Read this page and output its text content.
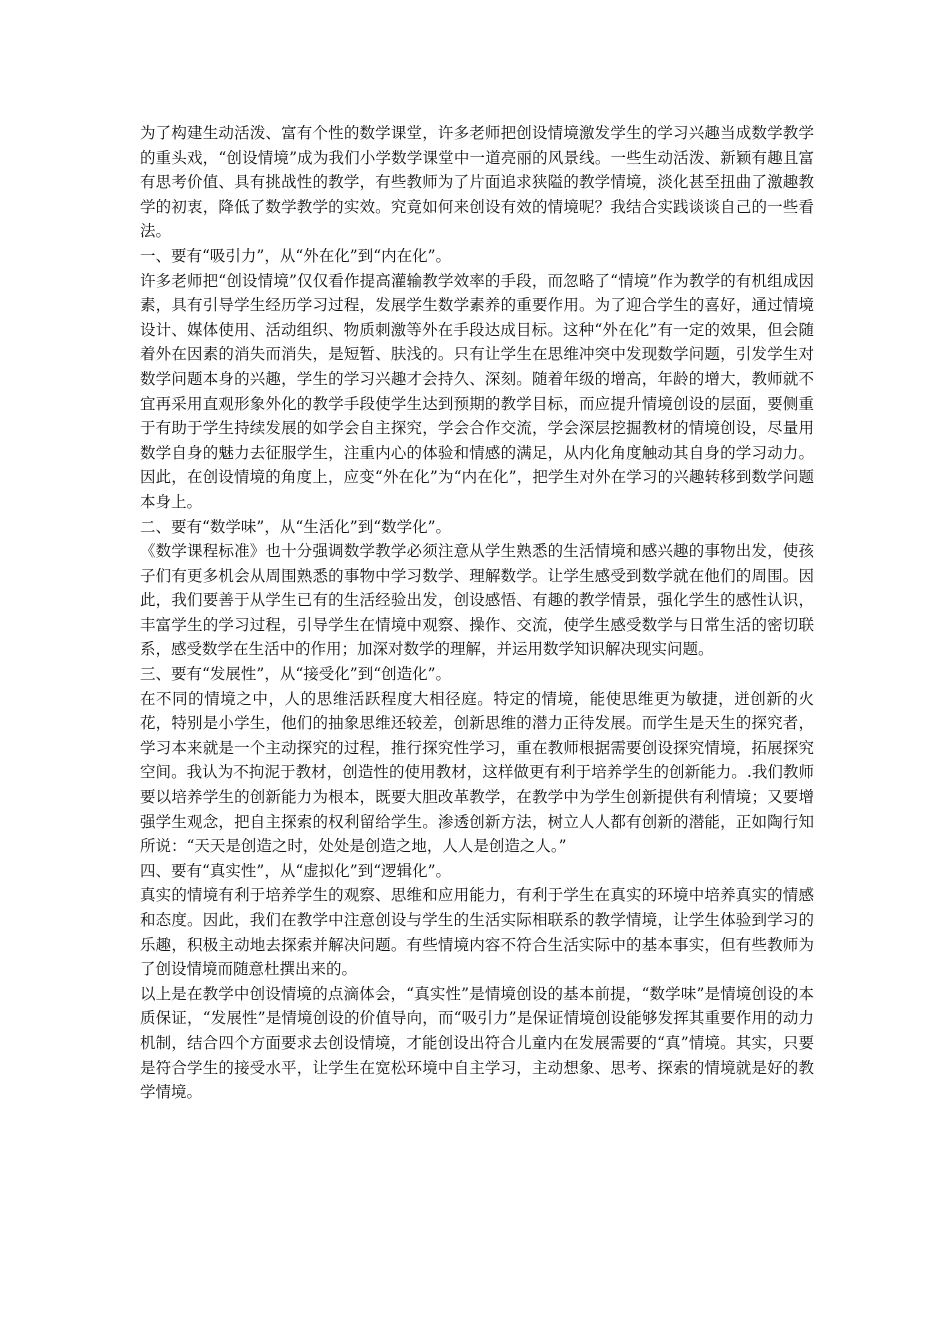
为了构建生动活泼、富有个性的数学课堂，许多老师把创设情境激发学生的学习兴趣当成数学教学的重头戏，“创设情境”成为我们小学数学课堂中一道亮丽的风景线。一些生动活泼、新颖有趣且富有思考价值、具有挑战性的教学，有些教师为了片面追求狭隘的教学情境，淡化甚至扭曲了激趣教学的初衷，降低了数学教学的实效。究竟如何来创设有效的情境呢？我结合实践谈谈自己的一些看法。

一、要有“吸引力”，从“外在化”到“内在化”。

许多老师把“创设情境”仅仅看作提高灌输教学效率的手段，而忽略了“情境”作为教学的有机组成因素，具有引导学生经历学习过程，发展学生数学素养的重要作用。为了迎合学生的喜好，通过情境设计、媒体使用、活动组织、物质刺激等外在手段达成目标。这种“外在化”有一定的效果，但会随着外在因素的消失而消失，是短暂、肤浅的。只有让学生在思维冲突中发现数学问题，引发学生对数学问题本身的兴趣，学生的学习兴趣才会持久、深刻。随着年级的增高，年龄的增大，教师就不宜再采用直观形象外化的教学手段使学生达到预期的教学目标，而应提升情境创设的层面，要侧重于有助于学生持续发展的如学会自主探究，学会合作交流，学会深层挖掘教材的情境创设，尽量用数学自身的魅力去征服学生，注重内心的体验和情感的满足，从内化角度触动其自身的学习动力。因此，在创设情境的角度上，应变“外在化”为“内在化”，把学生对外在学习的兴趣转移到数学问题本身上。

二、要有“数学味”，从“生活化”到“数学化”。

《数学课程标准》也十分强调数学教学必须注意从学生熟悉的生活情境和感兴趣的事物出发，使孩子们有更多机会从周围熟悉的事物中学习数学、理解数学。让学生感受到数学就在他们的周围。因此，我们要善于从学生已有的生活经验出发，创设感悟、有趣的教学情景，强化学生的感性认识，丰富学生的学习过程，引导学生在情境中观察、操作、交流，使学生感受数学与日常生活的密切联系，感受数学在生活中的作用；加深对数学的理解，并运用数学知识解决现实问题。

三、要有“发展性”，从“接受化”到“创造化”。

在不同的情境之中，人的思维活跃程度大相径庭。特定的情境，能使思维更为敏捷，迸创新的火花，特别是小学生，他们的抽象思维还较差，创新思维的潜力正待发展。而学生是天生的探究者，学习本来就是一个主动探究的过程，推行探究性学习，重在教师根据需要创设探究情境，拓展探究空间。我认为不拘泥于教材，创造性的使用教材，这样做更有利于培养学生的创新能力。.我们教师要以培养学生的创新能力为根本，既要大胆改革教学，在教学中为学生创新提供有利情境；又要增强学生观念，把自主探索的权利留给学生。渗透创新方法，树立人人都有创新的潜能，正如陶行知所说：“天天是创造之时，处处是创造之地，人人是创造之人。”

四、要有“真实性”，从“虚拟化”到“逻辑化”。

真实的情境有利于培养学生的观察、思维和应用能力，有利于学生在真实的环境中培养真实的情感和态度。因此，我们在教学中注意创设与学生的生活实际相联系的教学情境，让学生体验到学习的乐趣，积极主动地去探索并解决问题。有些情境内容不符合生活实际中的基本事实，但有些教师为了创设情境而随意杜撰出来的。

以上是在教学中创设情境的点滴体会，“真实性”是情境创设的基本前提，“数学味”是情境创设的本质保证，“发展性”是情境创设的价值导向，而“吸引力”是保证情境创设能够发挥其重要作用的动力机制，结合四个方面要求去创设情境，才能创设出符合儿童内在发展需要的“真”情境。其实，只要是符合学生的接受水平，让学生在宽松环境中自主学习，主动想象、思考、探索的情境就是好的教学情境。
